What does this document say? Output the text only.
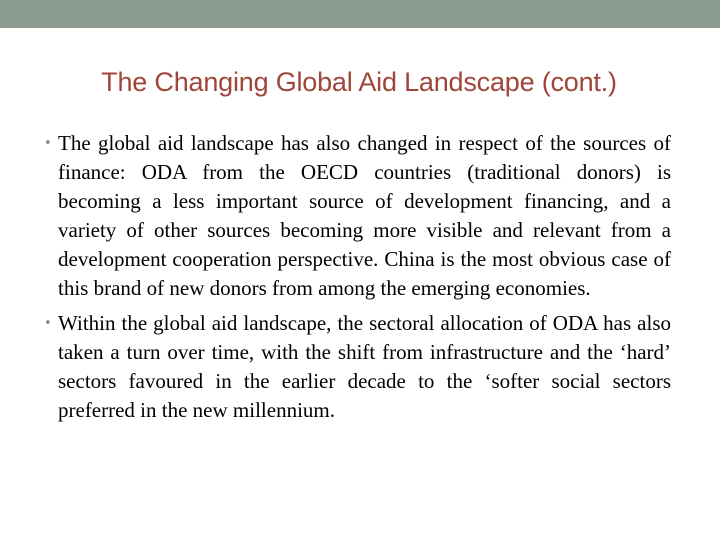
The Changing Global Aid Landscape (cont.)
• The global aid landscape has also changed in respect of the sources of finance: ODA from the OECD countries (traditional donors) is becoming a less important source of development financing, and a variety of other sources becoming more visible and relevant from a development cooperation perspective. China is the most obvious case of this brand of new donors from among the emerging economies.
• Within the global aid landscape, the sectoral allocation of ODA has also taken a turn over time, with the shift from infrastructure and the ‘hard’ sectors favoured in the earlier decade to the ‘softer social sectors preferred in the new millennium.
